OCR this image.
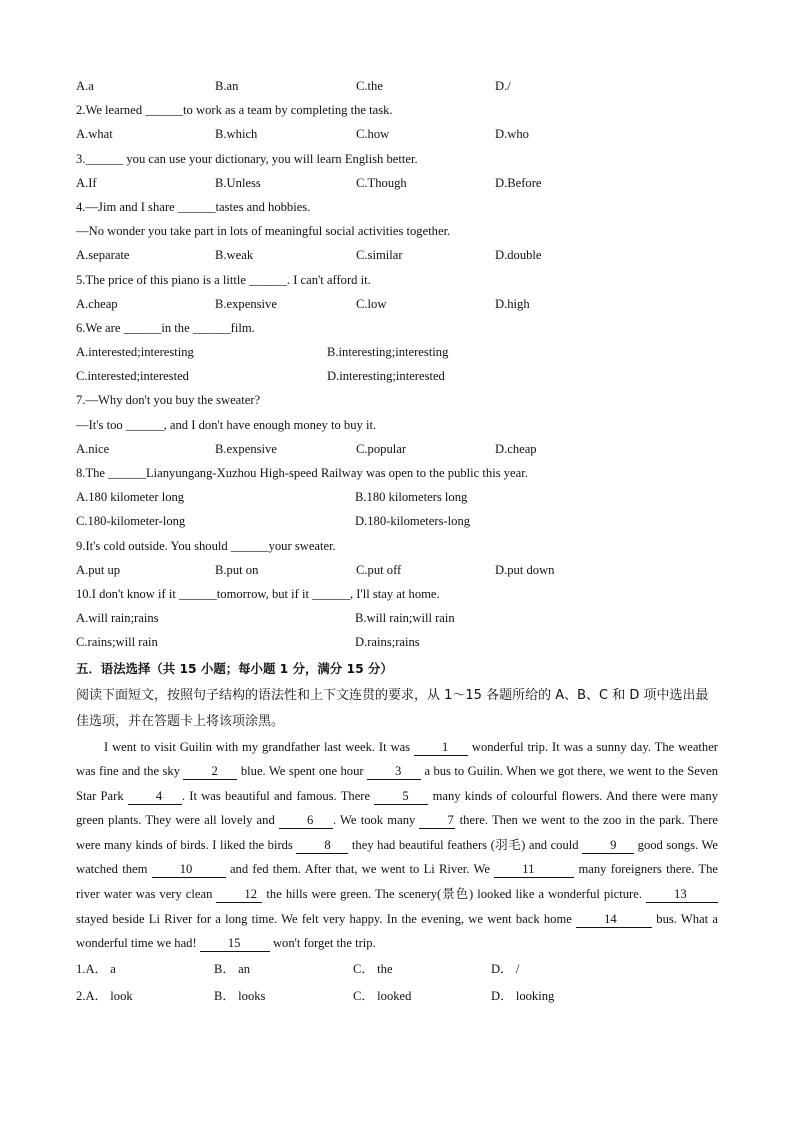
A.a	B.an	C.the	D./
2.We learned ______to work as a team by completing the task.
A.what	B.which	C.how	D.who
3.______ you can use your dictionary, you will learn English better.
A.If	B.Unless	C.Though	D.Before
4.—Jim and I share ______tastes and hobbies.
—No wonder you take part in lots of meaningful social activities together.
A.separate	B.weak	C.similar	D.double
5.The price of this piano is a little ______. I can't afford it.
A.cheap	B.expensive	C.low	D.high
6.We are ______in the ______film.
A.interested;interesting	B.interesting;interesting
C.interested;interested	D.interesting;interested
7.—Why don't you buy the sweater?
—It's too ______, and I don't have enough money to buy it.
A.nice	B.expensive	C.popular	D.cheap
8.The ______Lianyungang-Xuzhou High-speed Railway was open to the public this year.
A.180 kilometer long	B.180 kilometers long
C.180-kilometer-long	D.180-kilometers-long
9.It's cold outside. You should ______your sweater.
A.put up	B.put on	C.put off	D.put down
10.I don't know if it ______tomorrow, but if it ______, I'll stay at home.
A.will rain;rains	B.will rain;will rain
C.rains;will rain	D.rains;rains
五．语法选择（共 15 小题；每小题 1 分，满分 15 分）
阅读下面短文，按照句子结构的语法性和上下文连贯的要求，从 1～15 各题所给的 A、B、C 和 D 项中选出最佳选项，并在答题卡上将该项涂黑。

I went to visit Guilin with my grandfather last week. It was 1 wonderful trip. It was a sunny day. The weather was fine and the sky 2 blue. We spent one hour 3 a bus to Guilin. When we got there, we went to the Seven Star Park 4 . It was beautiful and famous. There 5 many kinds of colourful flowers. And there were many green plants. They were all lovely and 6 . We took many 7 there. Then we went to the zoo in the park. There were many kinds of birds. I liked the birds 8 they had beautiful feathers (羽毛) and could 9 good songs. We watched them 10	and fed them. After that, we went to Li River. We 11	many foreigners there. The river water was very clean 12 the hills were green. The scenery(景色) looked like a wonderful picture. 13 stayed beside Li River for a long time. We felt very happy. In the evening, we went back home 14	bus. What a wonderful time we had! 15 won't forget the trip.

1.A． a	B． an	C． the	D． /
2.A． look	B． looks	C． looked	D． looking
